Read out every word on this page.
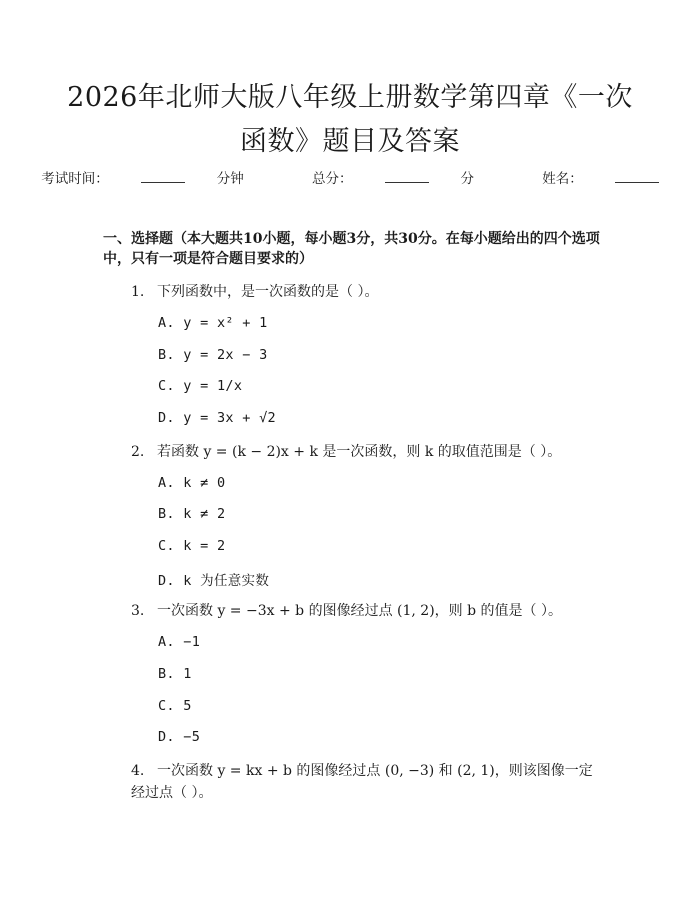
2026年北师大版八年级上册数学第四章《一次函数》题目及答案
考试时间：	分钟	总分：	分	姓名：
一、选择题（本大题共10小题，每小题3分，共30分。在每小题给出的四个选项中，只有一项是符合题目要求的）
1. 下列函数中，是一次函数的是（ ）。
A. y = x² + 1
B. y = 2x − 3
C. y = 1/x
D. y = 3x + √2
2. 若函数 y = (k − 2)x + k 是一次函数，则 k 的取值范围是（ ）。
A. k ≠ 0
B. k ≠ 2
C. k = 2
D. k 为任意实数
3. 一次函数 y = −3x + b 的图像经过点 (1, 2)，则 b 的值是（ ）。
A. −1
B. 1
C. 5
D. −5
4. 一次函数 y = kx + b 的图像经过点 (0, −3) 和 (2, 1)，则该图像一定经过点（ ）。
